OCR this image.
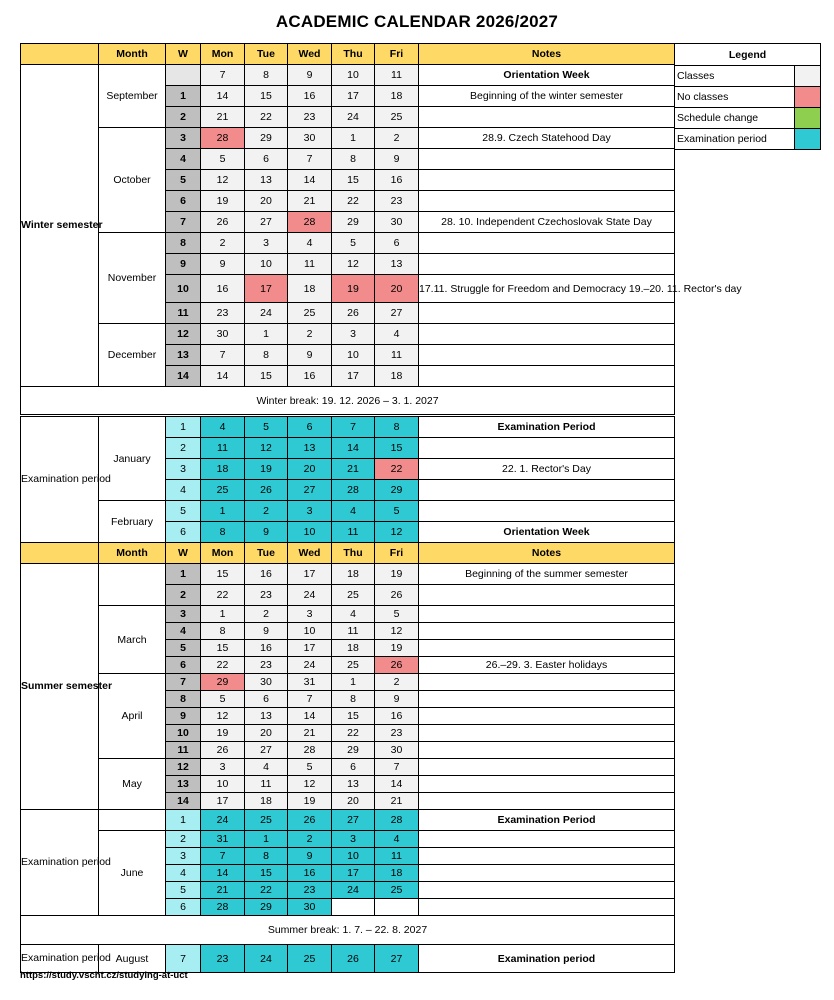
ACADEMIC CALENDAR 2026/2027
	Month	W	Mon	Tue	Wed	Thu	Fri	Notes
Winter semester	September		7	8	9	10	11	Orientation Week
		1	14	15	16	17	18	Beginning of the winter semester
		2	21	22	23	24	25	
	October	3	28	29	30	1	2	28.9. Czech Statehood Day
		4	5	6	7	8	9	
		5	12	13	14	15	16	
		6	19	20	21	22	23	
		7	26	27	28	29	30	28. 10. Independent Czechoslovak State Day
	November	8	2	3	4	5	6	
		9	9	10	11	12	13	
		10	16	17	18	19	20	17.11. Struggle for Freedom and Democracy 19.–20. 11. Rector's day
		11	23	24	25	26	27	
	December	12	30	1	2	3	4	
		13	7	8	9	10	11	
		14	14	15	16	17	18	
Winter break: 19. 12. 2026 – 3. 1. 2027								

Examination period	January	1	4	5	6	7	8	Examination Period
		2	11	12	13	14	15	
		3	18	19	20	21	22	22. 1. Rector's Day
		4	25	26	27	28	29	
	February	5	1	2	3	4	5	
		6	8	9	10	11	12	Orientation Week
	Month	W	Mon	Tue	Wed	Thu	Fri	Notes
Summer semester		1	15	16	17	18	19	Beginning of the summer semester
		2	22	23	24	25	26	
	March	3	1	2	3	4	5	
		4	8	9	10	11	12	
		5	15	16	17	18	19	
		6	22	23	24	25	26	26.–29. 3. Easter holidays
	April	7	29	30	31	1	2	
		8	5	6	7	8	9	
		9	12	13	14	15	16	
		10	19	20	21	22	23	
		11	26	27	28	29	30	
	May	12	3	4	5	6	7	
		13	10	11	12	13	14	
		14	17	18	19	20	21	
Examination period		1	24	25	26	27	28	Examination Period
	June	2	31	1	2	3	4	
		3	7	8	9	10	11	
		4	14	15	16	17	18	
		5	21	22	23	24	25	
		6	28	29	30			
Summer break: 1. 7. – 22. 8. 2027								
Examination period	August	7	23	24	25	26	27	Examination period
Legend	
Classes	
No classes	
Schedule change	
Examination period	
https://study.vscht.cz/studying-at-uct
